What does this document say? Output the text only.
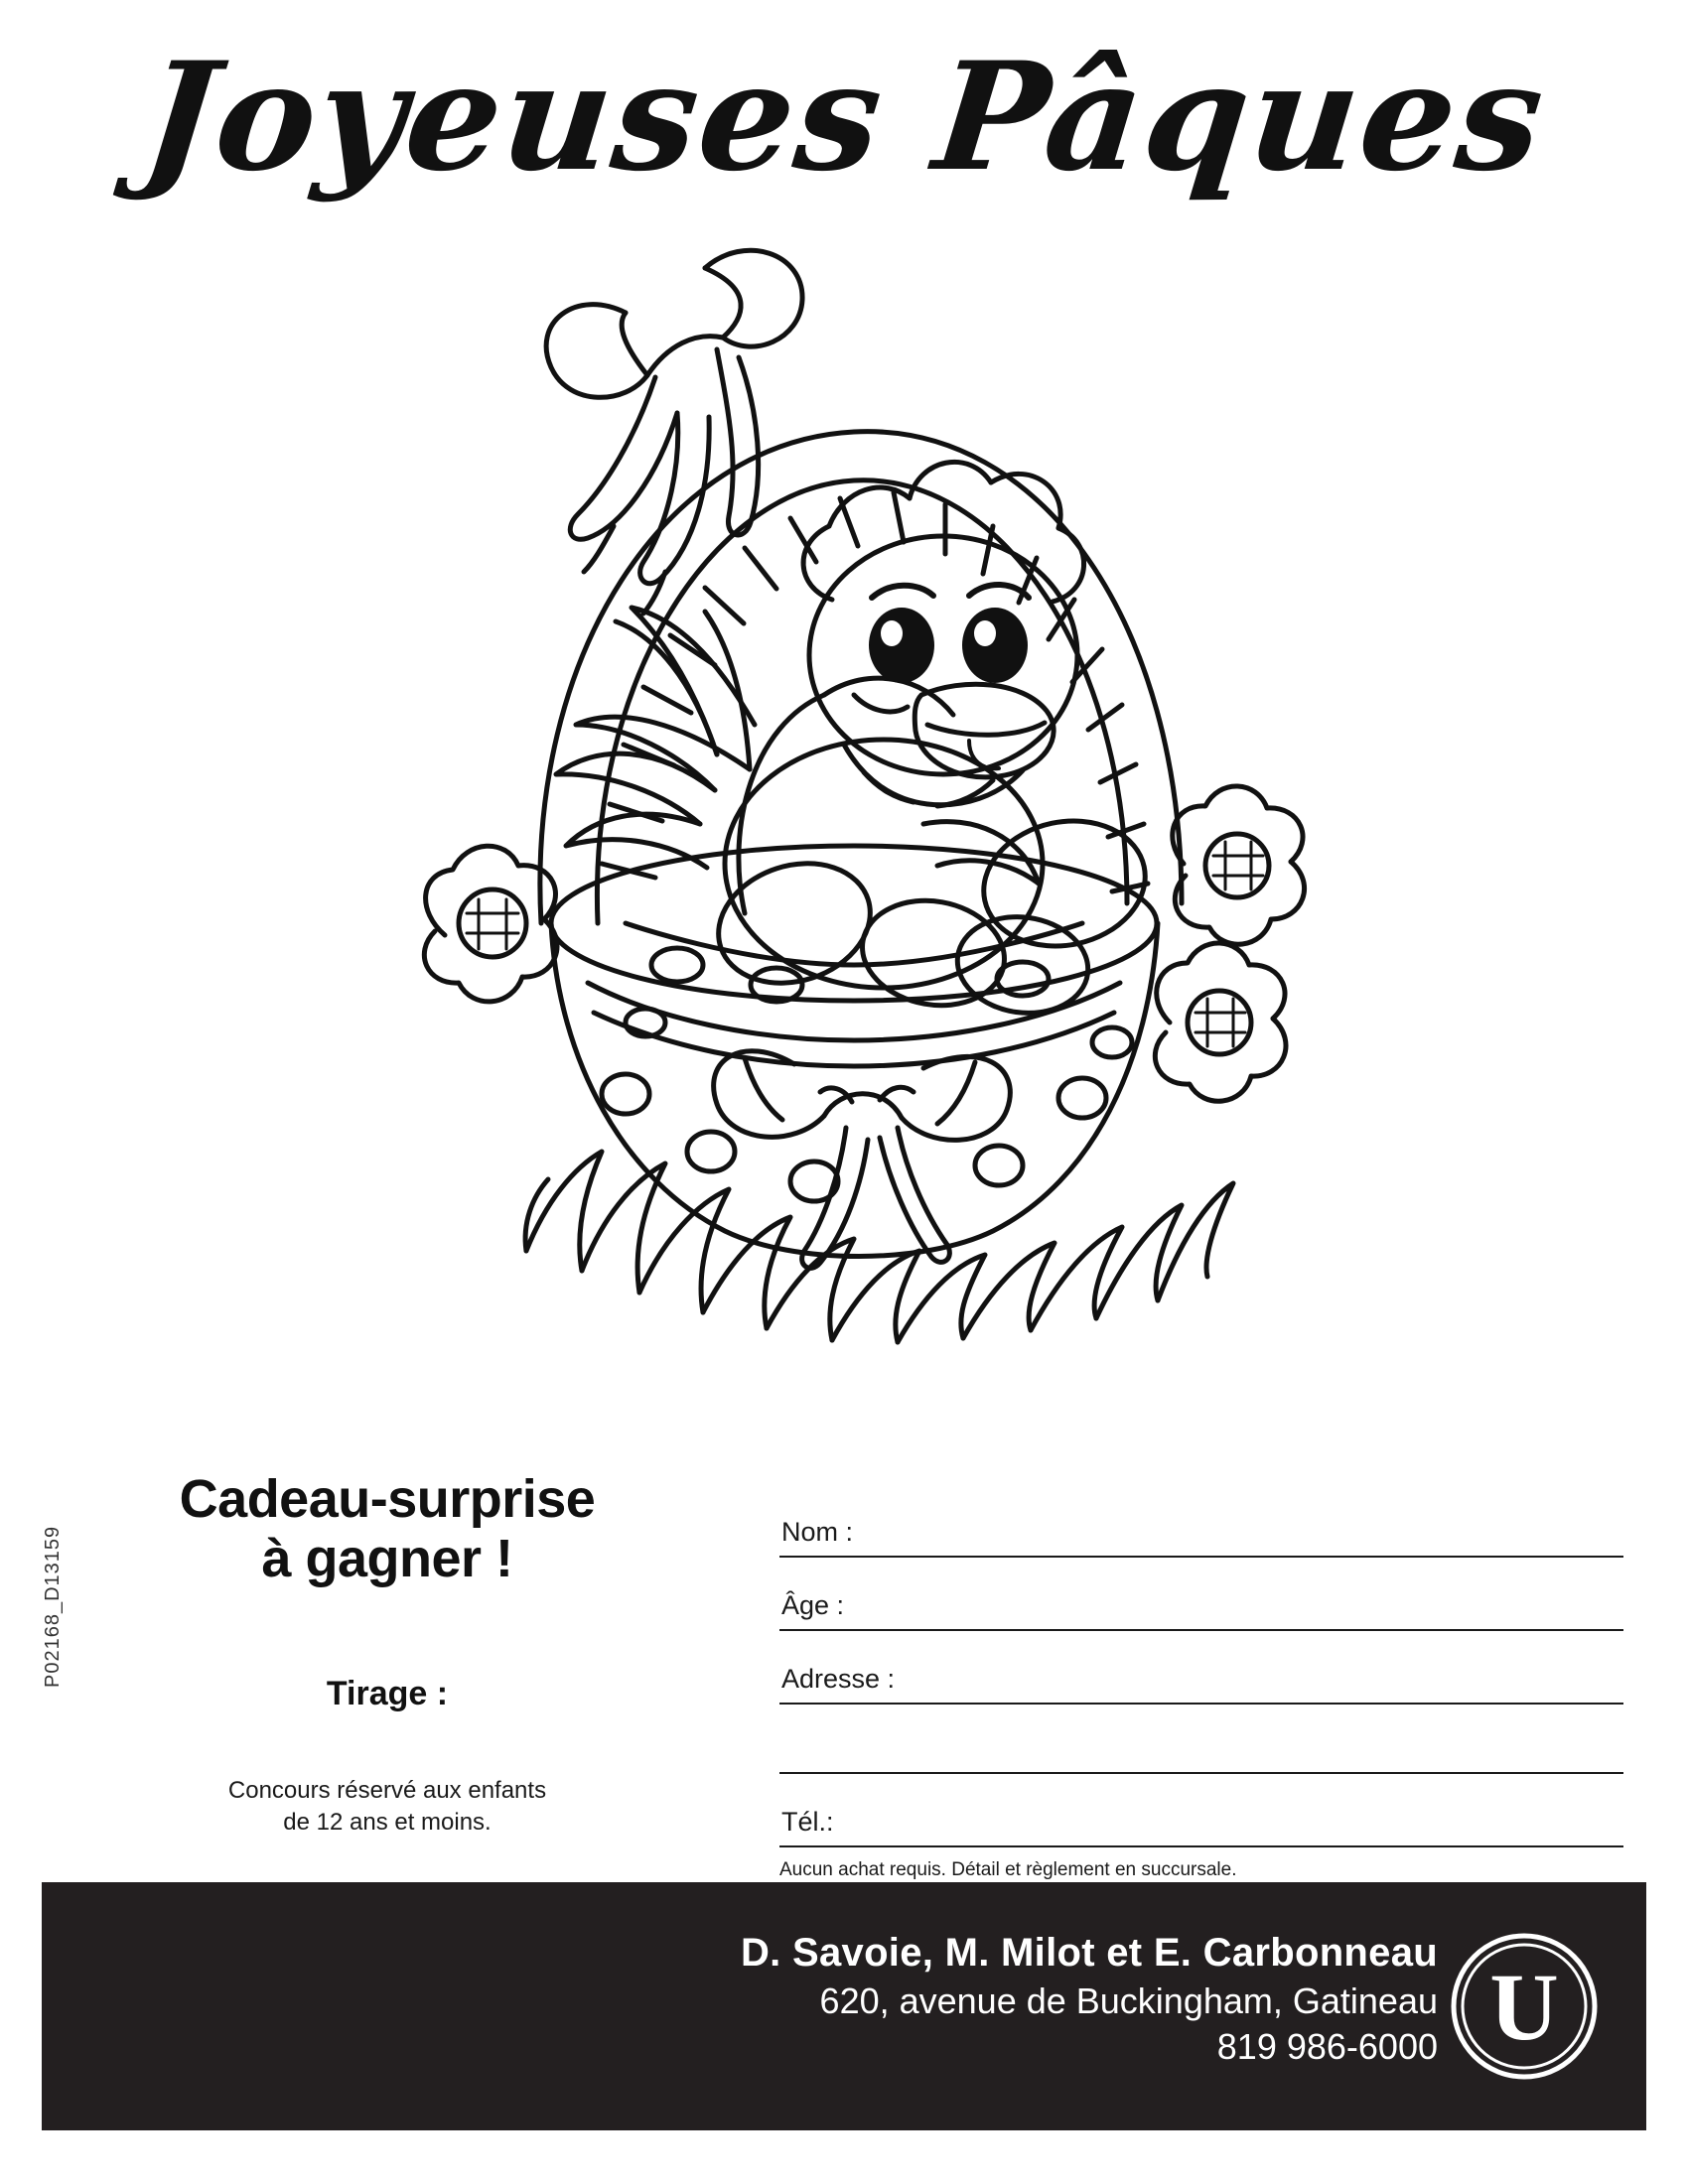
Joyeuses Pâques
Cadeau-surprise
à gagner !
Tirage :
Concours réservé aux enfants
de 12 ans et moins.
P02168_D13159	Nom :
Âge :
Adresse :
Tél.:
Aucun achat requis. Détail et règlement en succursale.
D. Savoie, M. Milot et E. Carbonneau
620, avenue de Buckingham, Gatineau
819 986-6000 U
